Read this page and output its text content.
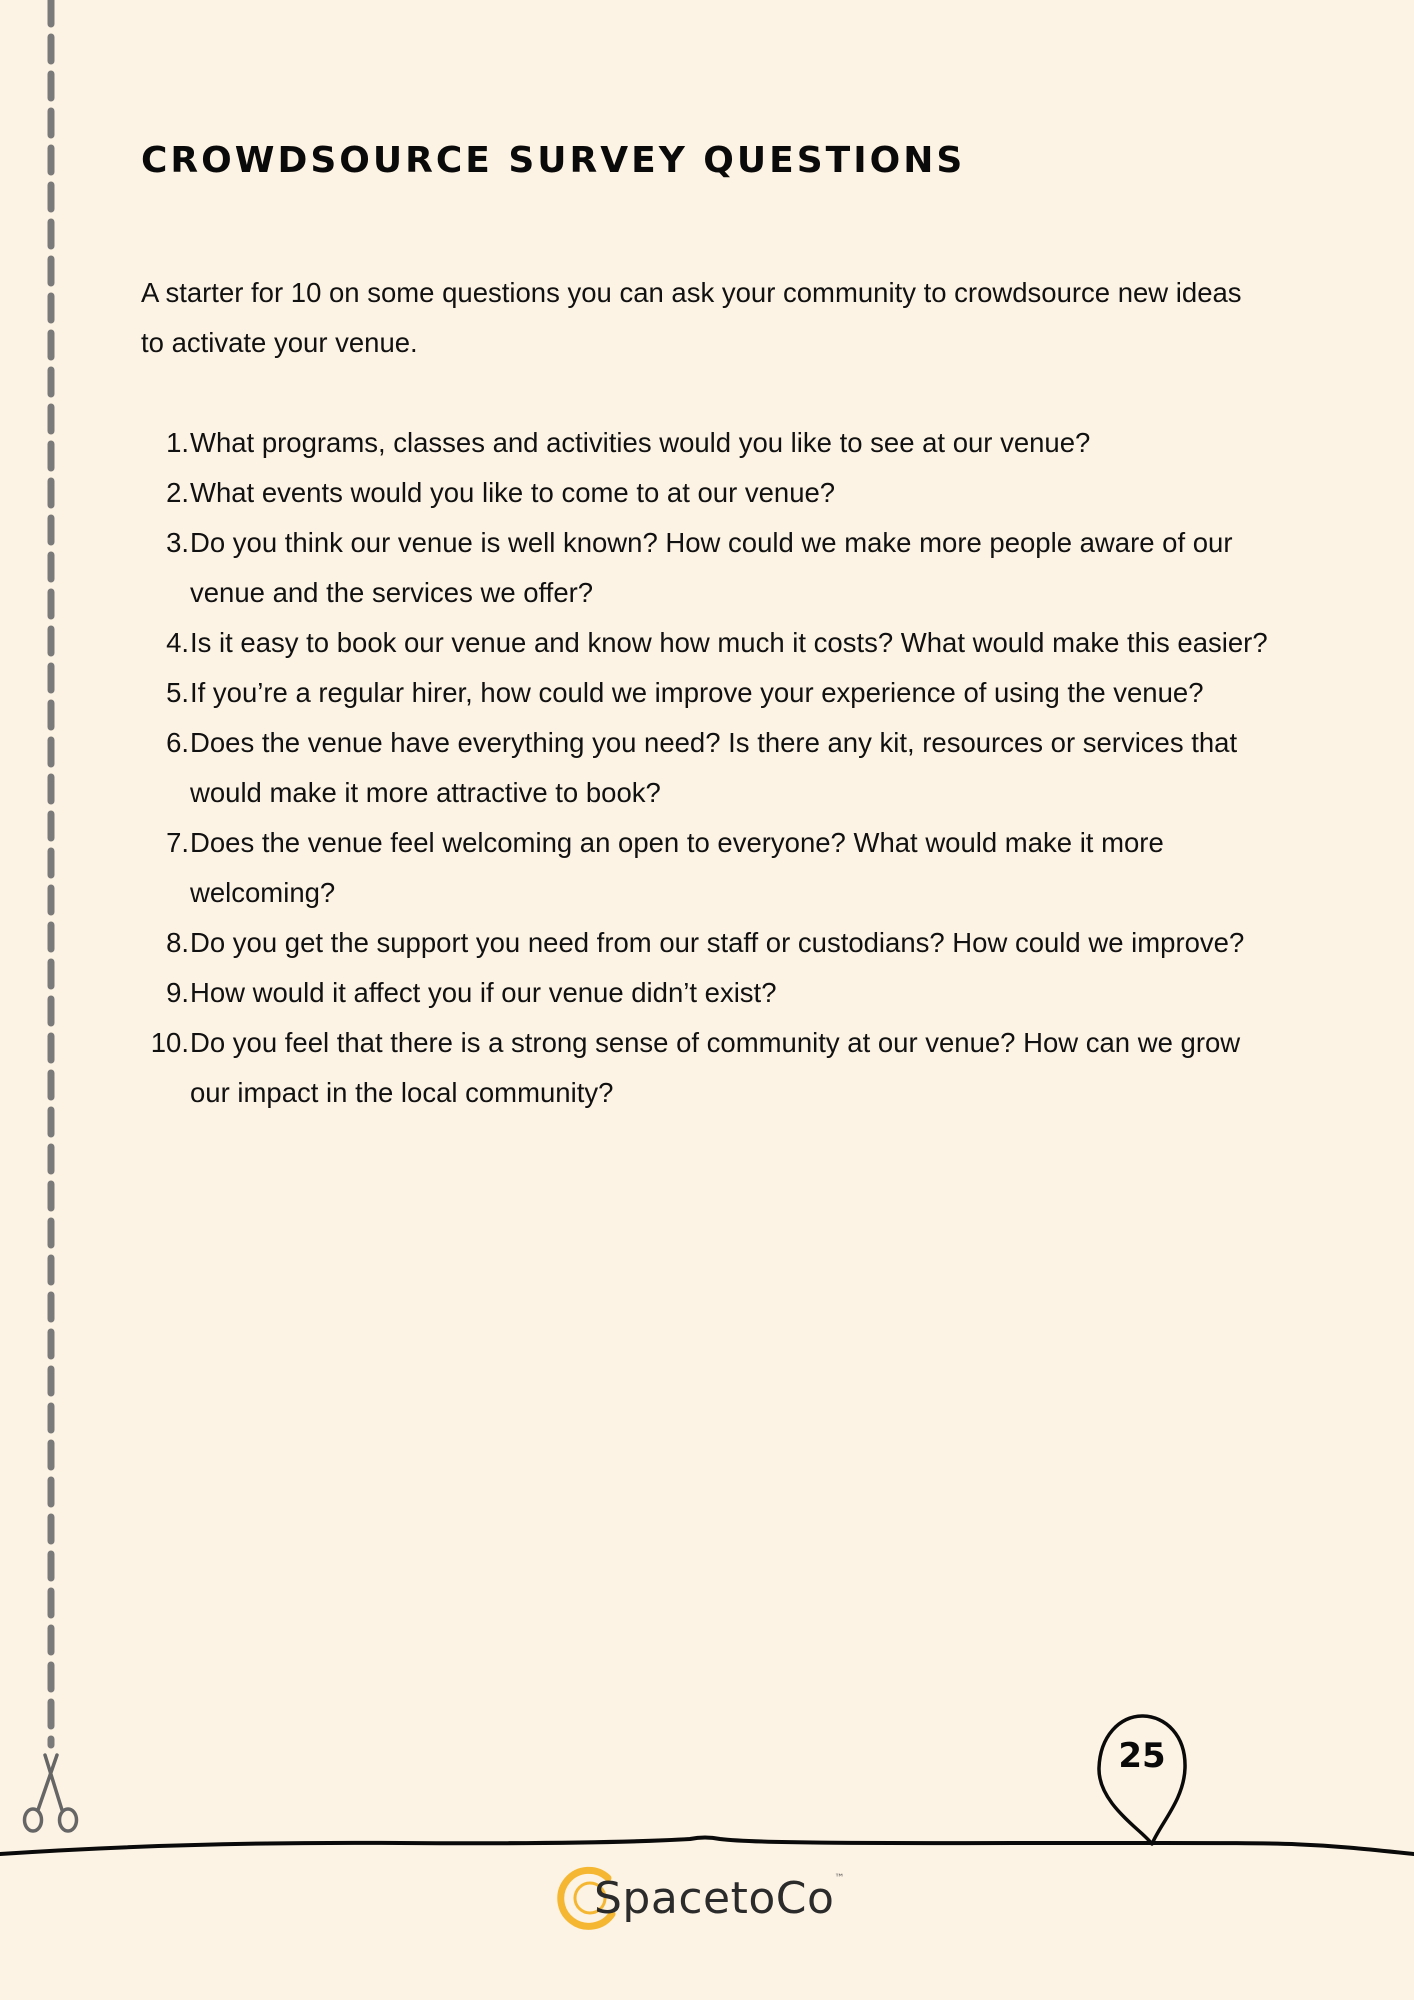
CROWDSOURCE SURVEY QUESTIONS

A starter for 10 on some questions you can ask your community to crowdsource new ideas to activate your venue.

1. What programs, classes and activities would you like to see at our venue?
2. What events would you like to come to at our venue?
3. Do you think our venue is well known? How could we make more people aware of our venue and the services we offer?
4. Is it easy to book our venue and know how much it costs? What would make this easier?
5. If you’re a regular hirer, how could we improve your experience of using the venue?
6. Does the venue have everything you need? Is there any kit, resources or services that would make it more attractive to book?
7. Does the venue feel welcoming an open to everyone? What would make it more welcoming?
8. Do you get the support you need from our staff or custodians? How could we improve?
9. How would it affect you if our venue didn’t exist?
10. Do you feel that there is a strong sense of community at our venue? How can we grow our impact in the local community?
25
SpacetoCo™
